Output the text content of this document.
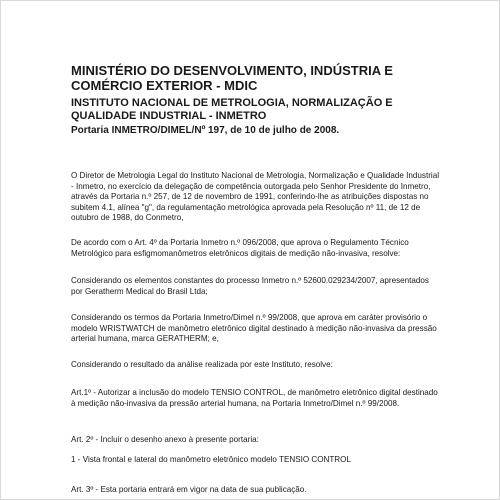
MINISTÉRIO DO DESENVOLVIMENTO, INDÚSTRIA E COMÉRCIO EXTERIOR - MDIC
INSTITUTO NACIONAL DE METROLOGIA, NORMALIZAÇÃO E QUALIDADE INDUSTRIAL - INMETRO
Portaria INMETRO/DIMEL/Nº 197, de 10 de julho de 2008.

O Diretor de Metrologia Legal do Instituto Nacional de Metrologia, Normalização e Qualidade Industrial - Inmetro, no exercício da delegação de competência outorgada pelo Senhor Presidente do Inmetro, através da Portaria n.º 257, de 12 de novembro de 1991, conferindo-lhe as atribuições dispostas no subitem 4.1, alínea "g", da regulamentação metrológica aprovada pela Resolução nº 11, de 12 de outubro de 1988, do Conmetro,

De acordo com o Art. 4º da Portaria Inmetro n.º 096/2008, que aprova o Regulamento Técnico Metrológico para esfigmomanômetros eletrônicos digitais de medição não-invasiva, resolve:

Considerando os elementos constantes do processo Inmetro n.º 52600.029234/2007, apresentados por Geratherm Medical do Brasil Ltda;

Considerando os termos da Portaria Inmetro/Dimel n.º 99/2008, que aprova em caráter provisório o modelo WRISTWATCH de manômetro eletrônico digital destinado à medição não-invasiva da pressão arterial humana, marca GERATHERM; e,

Considerando o resultado da análise realizada por este Instituto, resolve:

Art.1º - Autorizar a inclusão do modelo TENSIO CONTROL, de manômetro eletrônico digital destinado à medição não-invasiva da pressão arterial humana, na Portaria Inmetro/Dimel n.º 99/2008.

Art. 2º - Incluir o desenho anexo à presente portaria:

1 - Vista frontal e lateral do manômetro eletrônico modelo TENSIO CONTROL

Art. 3º - Esta portaria entrará em vigor na data de sua publicação.
